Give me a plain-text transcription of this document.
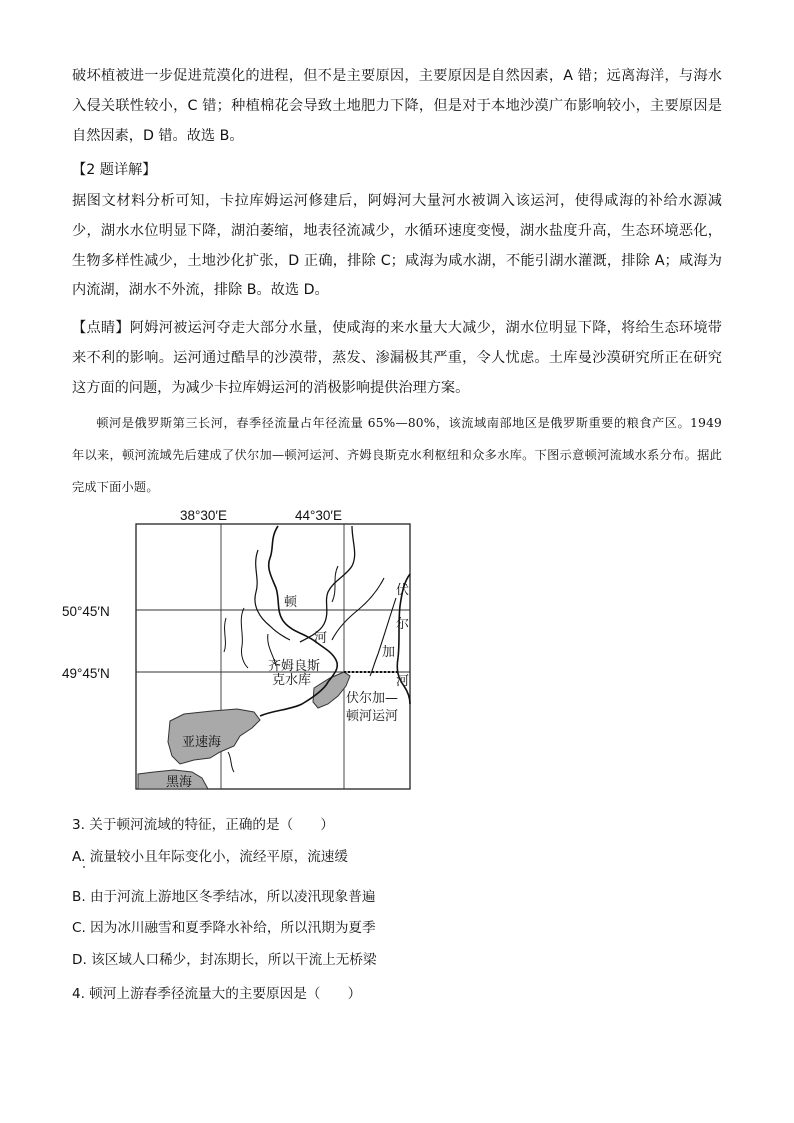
破坏植被进一步促进荒漠化的进程，但不是主要原因，主要原因是自然因素，A 错；远离海洋，与海水入侵关联性较小，C 错；种植棉花会导致土地肥力下降，但是对于本地沙漠广布影响较小，主要原因是自然因素，D 错。故选 B。

【2 题详解】

据图文材料分析可知，卡拉库姆运河修建后，阿姆河大量河水被调入该运河，使得咸海的补给水源减少，湖水水位明显下降，湖泊萎缩，地表径流减少，水循环速度变慢，湖水盐度升高，生态环境恶化，生物多样性减少，土地沙化扩张，D 正确，排除 C；咸海为咸水湖，不能引湖水灌溉，排除 A；咸海为内流湖，湖水不外流，排除 B。故选 D。

【点睛】阿姆河被运河夺走大部分水量，使咸海的来水量大大减少，湖水位明显下降，将给生态环境带来不利的影响。运河通过酷旱的沙漠带，蒸发、渗漏极其严重，令人忧虑。土库曼沙漠研究所正在研究这方面的问题，为减少卡拉库姆运河的消极影响提供治理方案。

顿河是俄罗斯第三长河，春季径流量占年径流量 65%—80%，该流域南部地区是俄罗斯重要的粮食产区。1949 年以来，顿河流域先后建成了伏尔加—顿河运河、齐姆良斯克水利枢纽和众多水库。下图示意顿河流域水系分布。据此完成下面小题。

38°30′E	44°30′E
50°45′N
49°45′N
顿
河
伏
尔
加
河
齐姆良斯
克水库
伏尔加—
顿河运河
亚速海
黑海
3. 关于顿河流域的特征，正确的是（　　）
A. 流量较小且年际变化小，流经平原，流速缓
B. 由于河流上游地区冬季结冰，所以凌汛现象普遍
C. 因为冰川融雪和夏季降水补给，所以汛期为夏季
D. 该区域人口稀少，封冻期长，所以干流上无桥梁
4. 顿河上游春季径流量大的主要原因是（　　）
